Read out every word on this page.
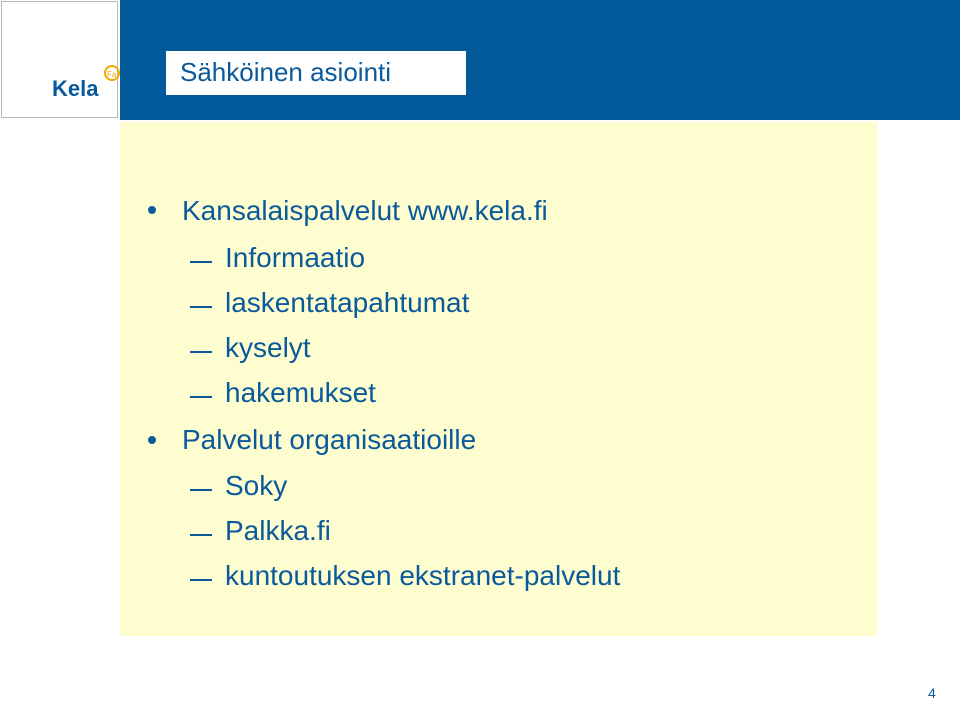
Kela
Fa Sähköinen asiointi
Kansalaispalvelut www.kela.fi
Informaatio
laskentatapahtumat
kyselyt
hakemukset
Palvelut organisaatioille
Soky
Palkka.fi
kuntoutuksen ekstranet-palvelut
4
